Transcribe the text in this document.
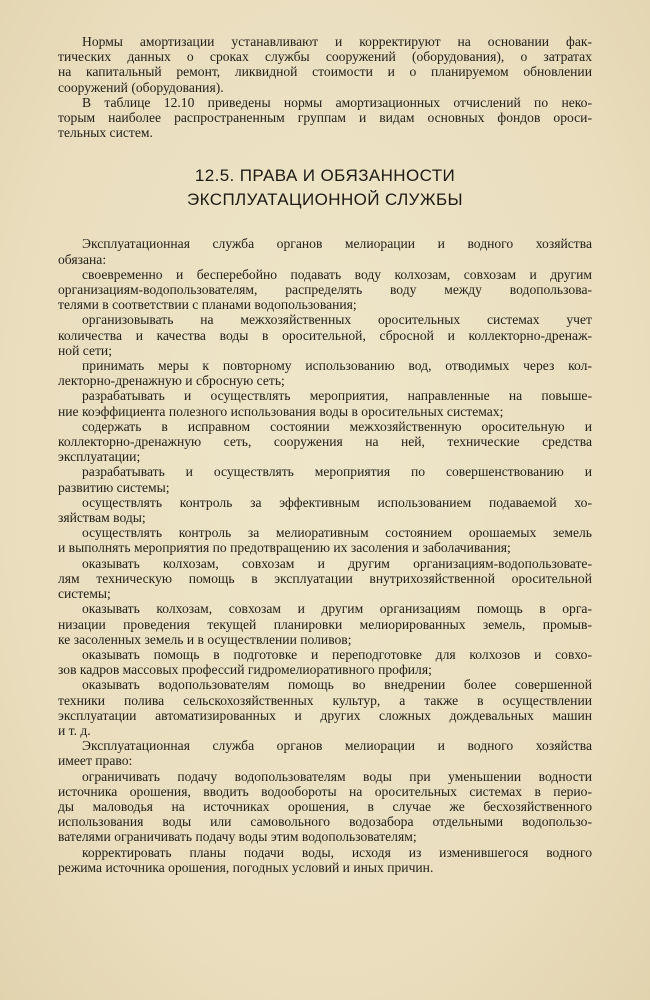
Нормы амортизации устанавливают и корректируют на основании фак-
тических данных о сроках службы сооружений (оборудования), о затратах
на капитальный ремонт, ликвидной стоимости и о планируемом обновлении
сооружений (оборудования).
В таблице 12.10 приведены нормы амортизационных отчислений по неко-
торым наиболее распространенным группам и видам основных фондов ороси-
тельных систем.
12.5. ПРАВА И ОБЯЗАННОСТИ
ЭКСПЛУАТАЦИОННОЙ СЛУЖБЫ
Эксплуатационная служба органов мелиорации и водного хозяйства
обязана:
своевременно и бесперебойно подавать воду колхозам, совхозам и другим
организациям-водопользователям, распределять воду между водопользова-
телями в соответствии с планами водопользования;
организовывать на межхозяйственных оросительных системах учет
количества и качества воды в оросительной, сбросной и коллекторно-дренаж-
ной сети;
принимать меры к повторному использованию вод, отводимых через кол-
лекторно-дренажную и сбросную сеть;
разрабатывать и осуществлять мероприятия, направленные на повыше-
ние коэффициента полезного использования воды в оросительных системах;
содержать в исправном состоянии межхозяйственную оросительную и
коллекторно-дренажную сеть, сооружения на ней, технические средства
эксплуатации;
разрабатывать и осуществлять мероприятия по совершенствованию и
развитию системы;
осуществлять контроль за эффективным использованием подаваемой хо-
зяйствам воды;
осуществлять контроль за мелиоративным состоянием орошаемых земель
и выполнять мероприятия по предотвращению их засоления и заболачивания;
оказывать колхозам, совхозам и другим организациям-водопользовате-
лям техническую помощь в эксплуатации внутрихозяйственной оросительной
системы;
оказывать колхозам, совхозам и другим организациям помощь в орга-
низации проведения текущей планировки мелиорированных земель, промыв-
ке засоленных земель и в осуществлении поливов;
оказывать помощь в подготовке и переподготовке для колхозов и совхо-
зов кадров массовых профессий гидромелиоративного профиля;
оказывать водопользователям помощь во внедрении более совершенной
техники полива сельскохозяйственных культур, а также в осуществлении
эксплуатации автоматизированных и других сложных дождевальных машин
и т. д.
Эксплуатационная служба органов мелиорации и водного хозяйства
имеет право:
ограничивать подачу водопользователям воды при уменьшении водности
источника орошения, вводить водообороты на оросительных системах в перио-
ды маловодья на источниках орошения, в случае же бесхозяйственного
использования воды или самовольного водозабора отдельными водопользо-
вателями ограничивать подачу воды этим водопользователям;
корректировать планы подачи воды, исходя из изменившегося водного
режима источника орошения, погодных условий и иных причин.
